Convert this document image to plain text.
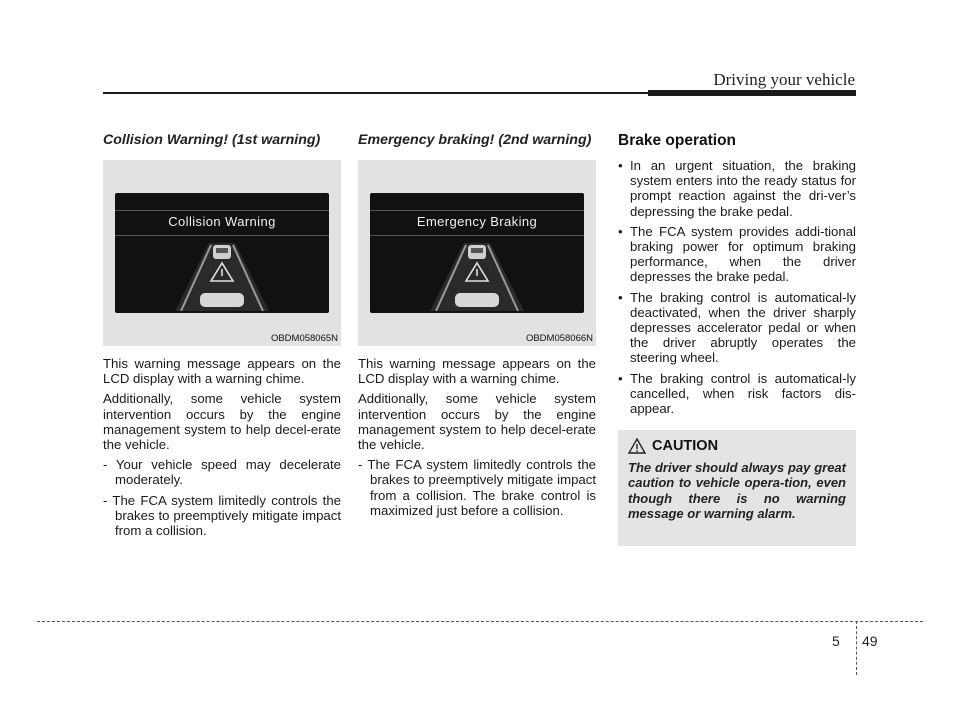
Driving your vehicle
Collision Warning! (1st warning)
Collision Warning
OBDM058065N

This warning message appears on the LCD display with a warning chime.

Additionally, some vehicle system intervention occurs by the engine management system to help decel-erate the vehicle.

- Your vehicle speed may decelerate moderately.

- The FCA system limitedly controls the brakes to preemptively mitigate impact from a collision.

Emergency braking! (2nd warning)
Emergency Braking
OBDM058066N

This warning message appears on the LCD display with a warning chime.

Additionally, some vehicle system intervention occurs by the engine management system to help decel-erate the vehicle.

- The FCA system limitedly controls the brakes to preemptively mitigate impact from a collision. The brake control is maximized just before a collision.

Brake operation
• In an urgent situation, the braking system enters into the ready status for prompt reaction against the dri-ver’s depressing the brake pedal.
• The FCA system provides addi-tional braking power for optimum braking performance, when the driver depresses the brake pedal.
• The braking control is automatical-ly deactivated, when the driver sharply depresses accelerator pedal or when the driver abruptly operates the steering wheel.
• The braking control is automatical-ly cancelled, when risk factors dis-appear.
CAUTION
The driver should always pay great caution to vehicle opera-tion, even though there is no warning message or warning alarm.
5 49
